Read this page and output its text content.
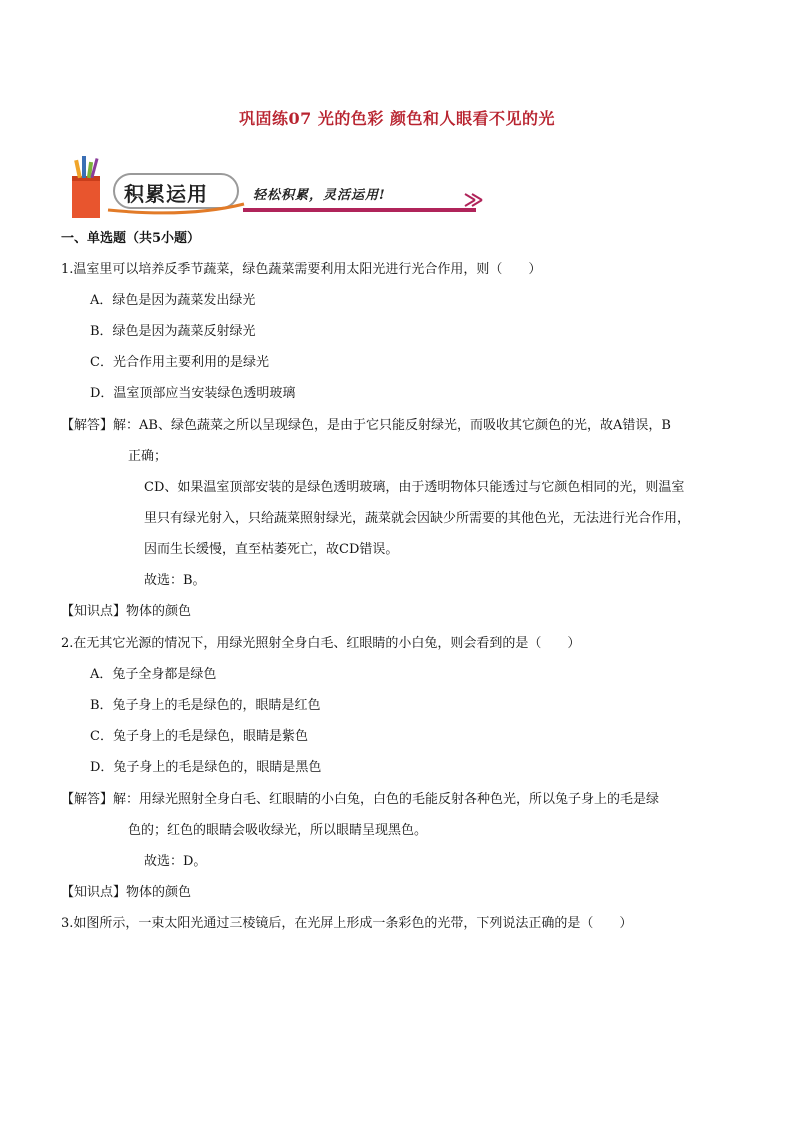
巩固练07 光的色彩 颜色和人眼看不见的光
积累运用	轻松积累，灵活运用!
一、单选题（共5小题）
1.温室里可以培养反季节蔬菜，绿色蔬菜需要利用太阳光进行光合作用，则（　　）
A．绿色是因为蔬菜发出绿光
B．绿色是因为蔬菜反射绿光
C．光合作用主要利用的是绿光
D．温室顶部应当安装绿色透明玻璃
【解答】解：AB、绿色蔬菜之所以呈现绿色，是由于它只能反射绿光，而吸收其它颜色的光，故A错误，B
正确；
CD、如果温室顶部安装的是绿色透明玻璃，由于透明物体只能透过与它颜色相同的光，则温室
里只有绿光射入，只给蔬菜照射绿光，蔬菜就会因缺少所需要的其他色光，无法进行光合作用，
因而生长缓慢，直至枯萎死亡，故CD错误。
故选：B。
【知识点】物体的颜色
2.在无其它光源的情况下，用绿光照射全身白毛、红眼睛的小白兔，则会看到的是（　　）
A．兔子全身都是绿色
B．兔子身上的毛是绿色的，眼睛是红色
C．兔子身上的毛是绿色，眼睛是紫色
D．兔子身上的毛是绿色的，眼睛是黑色
【解答】解：用绿光照射全身白毛、红眼睛的小白兔，白色的毛能反射各种色光，所以兔子身上的毛是绿
色的；红色的眼睛会吸收绿光，所以眼睛呈现黑色。
故选：D。
【知识点】物体的颜色
3.如图所示，一束太阳光通过三棱镜后，在光屏上形成一条彩色的光带，下列说法正确的是（　　）
